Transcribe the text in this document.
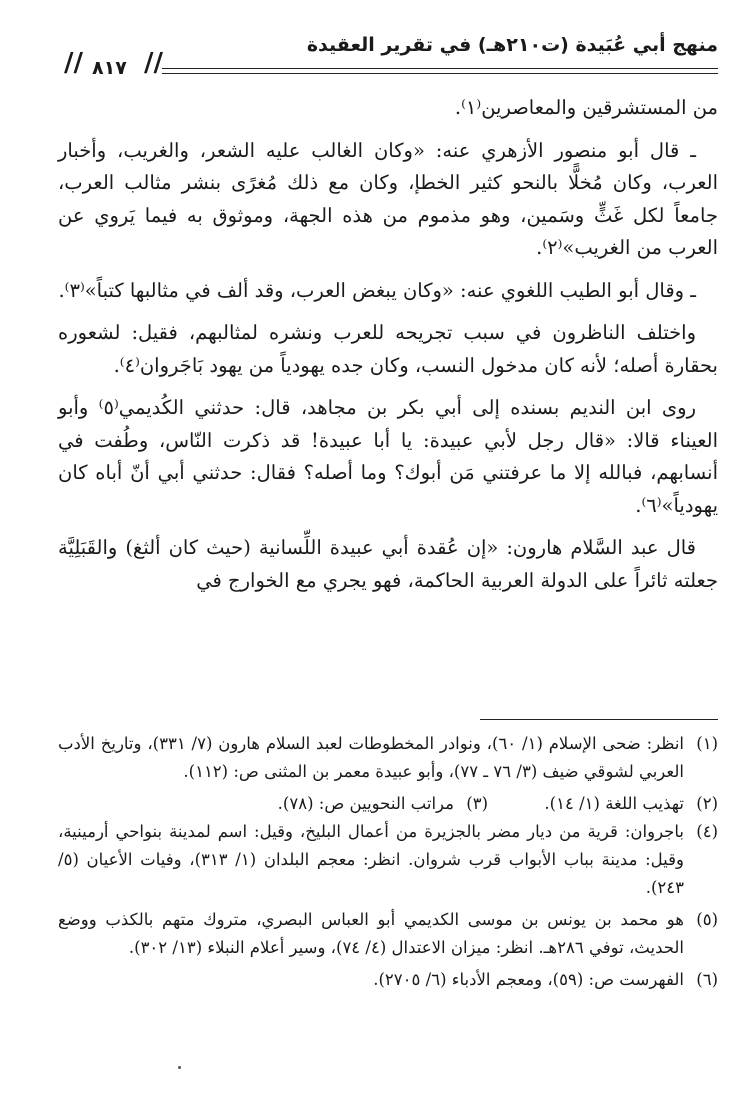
منهج أبي عُبَيدة (ت٢١٠هـ) في تقرير العقيدة
// ٨١٧ //

من المستشرقين والمعاصرين⁽١⁾.

ـ قال أبو منصور الأزهري عنه: «وكان الغالب عليه الشعر، والغريب، وأخبار العرب، وكان مُخلًّا بالنحو كثير الخطإ، وكان مع ذلك مُغرًى بنشر مثالب العرب، جامعاً لكل غَثٍّ وسَمين، وهو مذموم من هذه الجهة، وموثوق به فيما يَروي عن العرب من الغريب»⁽٢⁾.

ـ وقال أبو الطيب اللغوي عنه: «وكان يبغض العرب، وقد ألف في مثالبها كتباً»⁽٣⁾.

واختلف الناظرون في سبب تجريحه للعرب ونشره لمثالبهم، فقيل: لشعوره بحقارة أصله؛ لأنه كان مدخول النسب، وكان جده يهودياً من يهود بَاجَروان⁽٤⁾.

روى ابن النديم بسنده إلى أبي بكر بن مجاهد، قال: حدثني الكُديمي⁽٥⁾ وأبو العيناء قالا: «قال رجل لأبي عبيدة: يا أبا عبيدة! قد ذكرت النّاس، وطُفت في أنسابهم، فبالله إلا ما عرفتني مَن أبوك؟ وما أصله؟ فقال: حدثني أبي أنّ أباه كان يهودياً»⁽٦⁾.

قال عبد السَّلام هارون: «إن عُقدة أبي عبيدة اللِّسانية (حيث كان ألثغ) والقَبَلِيَّة جعلته ثائراً على الدولة العربية الحاكمة، فهو يجري مع الخوارج في

(١)
انظر: ضحى الإسلام (١/ ٦٠)، ونوادر المخطوطات لعبد السلام هارون (٧/ ٣٣١)، وتاريخ الأدب العربي لشوقي ضيف (٣/ ٧٦ ـ ٧٧)، وأبو عبيدة معمر بن المثنى ص: (١١٢).
(٢)
تهذيب اللغة (١/ ١٤).
(٣)
مراتب النحويين ص: (٧٨).
(٤)
باجروان: قرية من ديار مضر بالجزيرة من أعمال البليخ، وقيل: اسم لمدينة بنواحي أرمينية، وقيل: مدينة بباب الأبواب قرب شروان. انظر: معجم البلدان (١/ ٣١٣)، وفيات الأعيان (٥/ ٢٤٣).
(٥)
هو محمد بن يونس بن موسى الكديمي أبو العباس البصري، متروك متهم بالكذب ووضع الحديث، توفي ٢٨٦هـ. انظر: ميزان الاعتدال (٤/ ٧٤)، وسير أعلام النبلاء (١٣/ ٣٠٢).
(٦)
الفهرست ص: (٥٩)، ومعجم الأدباء (٦/ ٢٧٠٥).
